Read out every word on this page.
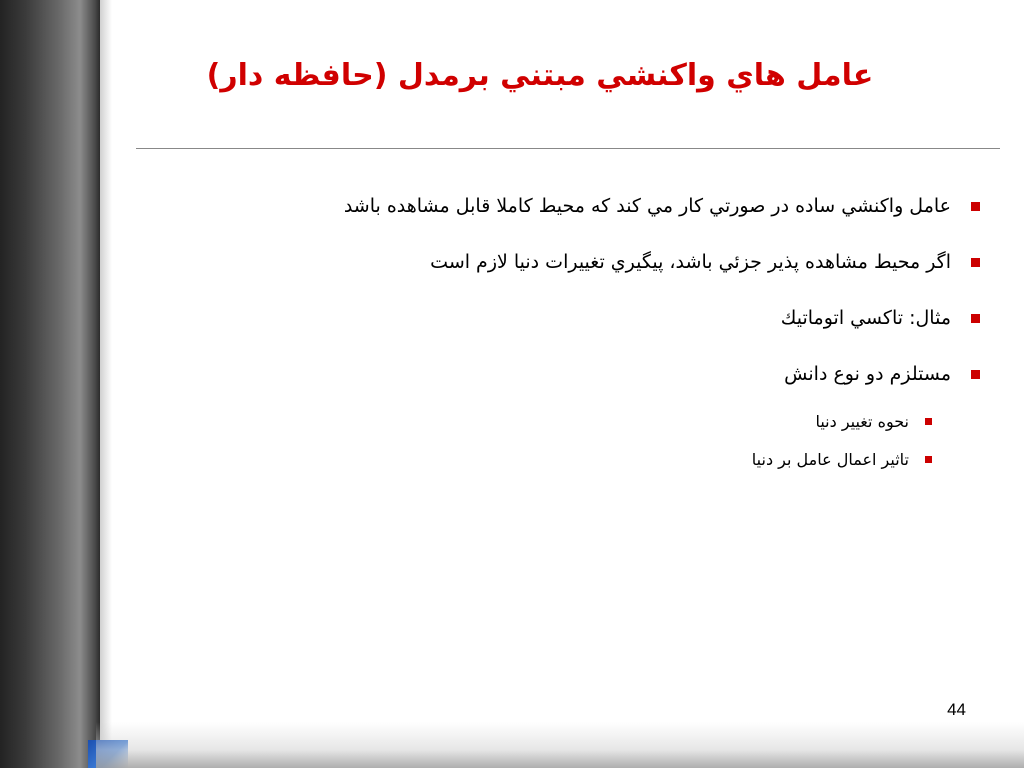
عامل هاي واكنشي مبتني برمدل (حافظه دار)
عامل واكنشي ساده در صورتي كار مي كند كه محيط كاملا قابل مشاهده باشد
اگر محيط مشاهده پذير جزئي باشد، پيگيري تغييرات دنيا لازم است
مثال: تاكسي اتوماتيك
مستلزم دو نوع دانش
نحوه تغيير دنيا
تاثير اعمال عامل بر دنيا
44
